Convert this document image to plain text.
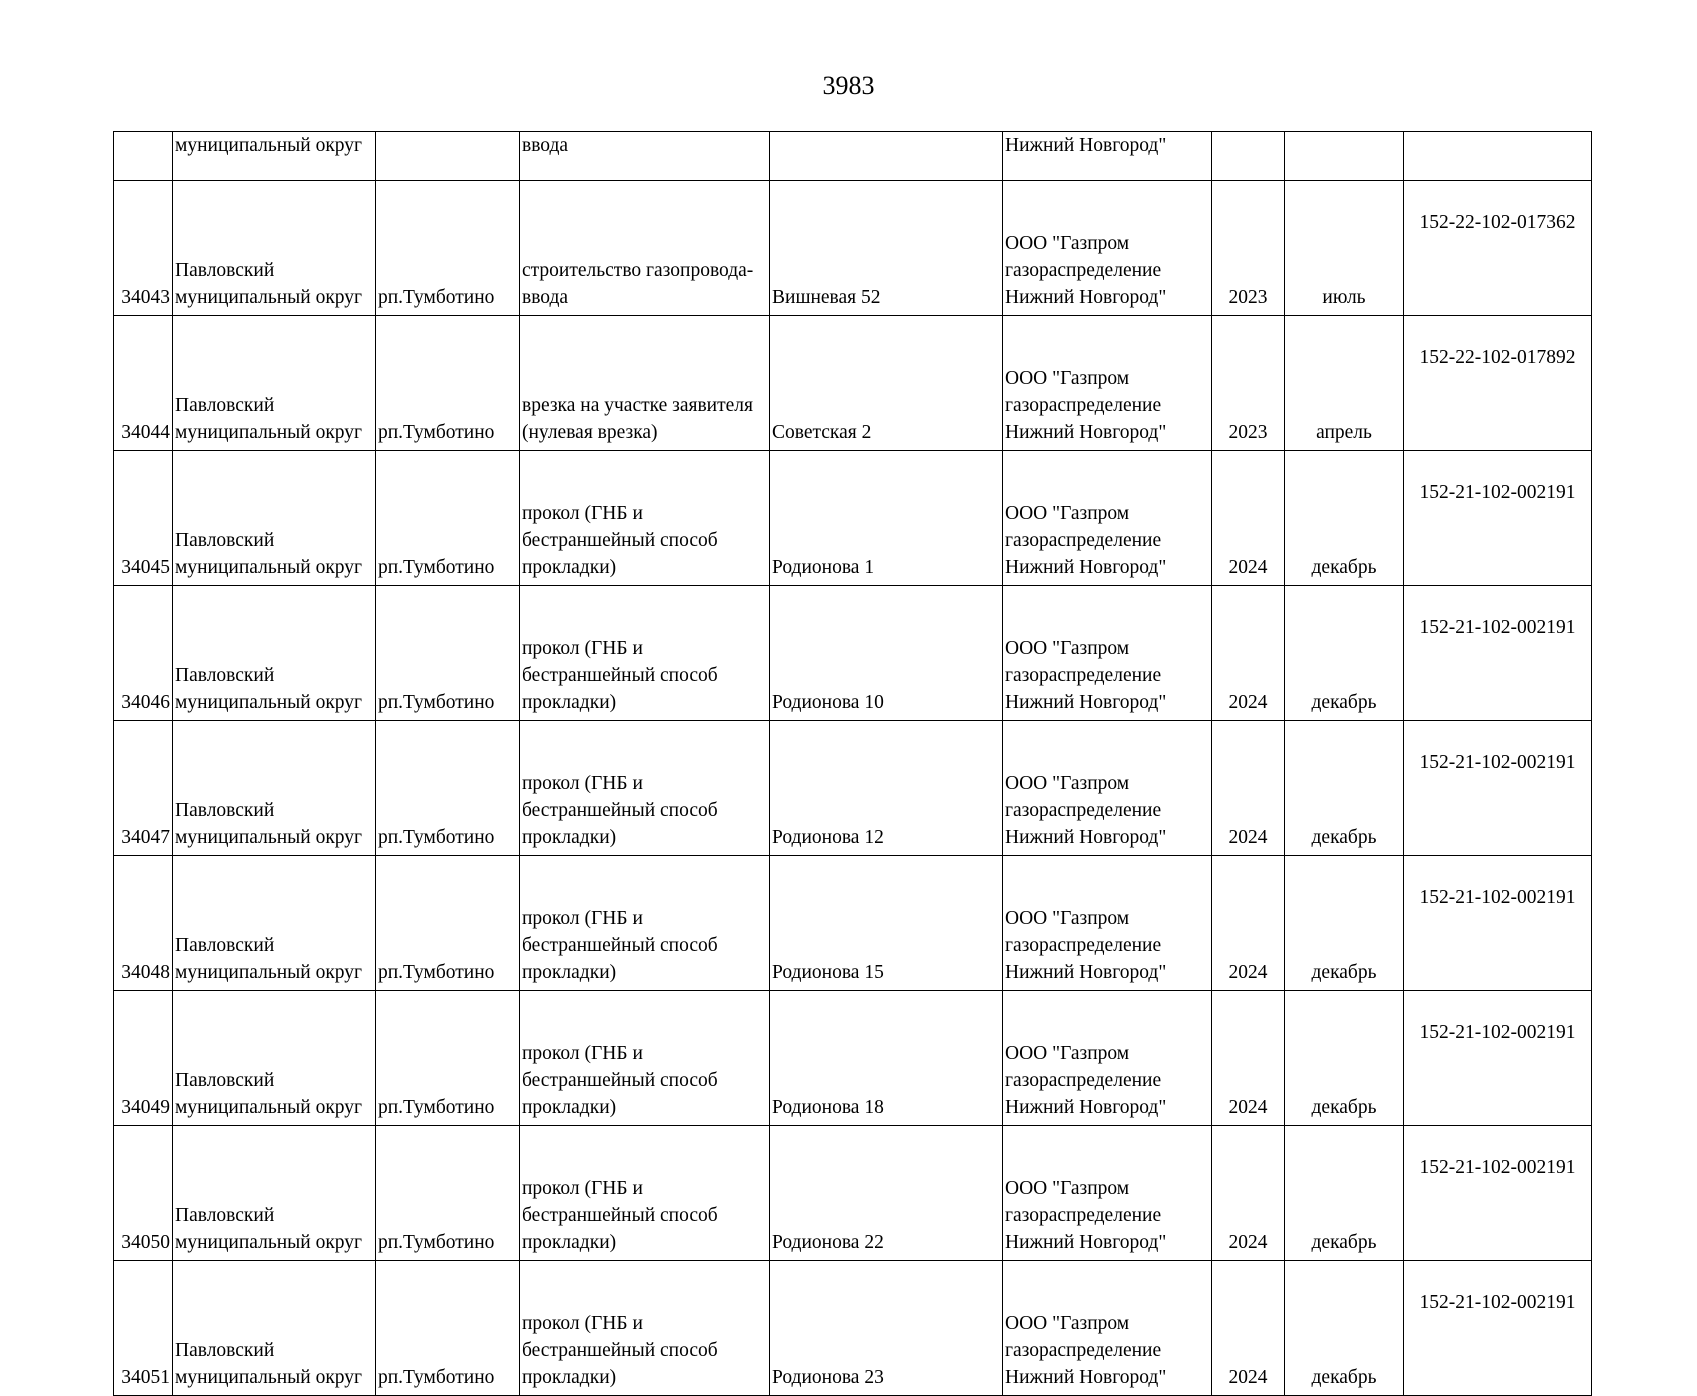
3983
	муниципальный округ		ввода		Нижний Новгород"			
34043	Павловский
муниципальный округ	рп.Тумботино	строительство газопровода-
ввода	Вишневая 52	ООО "Газпром
газораспределение
Нижний Новгород"	2023	июль	152-22-102-017362
34044	Павловский
муниципальный округ	рп.Тумботино	врезка на участке заявителя
(нулевая врезка)	Советская 2	ООО "Газпром
газораспределение
Нижний Новгород"	2023	апрель	152-22-102-017892
34045	Павловский
муниципальный округ	рп.Тумботино	прокол (ГНБ и
бестраншейный способ
прокладки)	Родионова 1	ООО "Газпром
газораспределение
Нижний Новгород"	2024	декабрь	152-21-102-002191
34046	Павловский
муниципальный округ	рп.Тумботино	прокол (ГНБ и
бестраншейный способ
прокладки)	Родионова 10	ООО "Газпром
газораспределение
Нижний Новгород"	2024	декабрь	152-21-102-002191
34047	Павловский
муниципальный округ	рп.Тумботино	прокол (ГНБ и
бестраншейный способ
прокладки)	Родионова 12	ООО "Газпром
газораспределение
Нижний Новгород"	2024	декабрь	152-21-102-002191
34048	Павловский
муниципальный округ	рп.Тумботино	прокол (ГНБ и
бестраншейный способ
прокладки)	Родионова 15	ООО "Газпром
газораспределение
Нижний Новгород"	2024	декабрь	152-21-102-002191
34049	Павловский
муниципальный округ	рп.Тумботино	прокол (ГНБ и
бестраншейный способ
прокладки)	Родионова 18	ООО "Газпром
газораспределение
Нижний Новгород"	2024	декабрь	152-21-102-002191
34050	Павловский
муниципальный округ	рп.Тумботино	прокол (ГНБ и
бестраншейный способ
прокладки)	Родионова 22	ООО "Газпром
газораспределение
Нижний Новгород"	2024	декабрь	152-21-102-002191
34051	Павловский
муниципальный округ	рп.Тумботино	прокол (ГНБ и
бестраншейный способ
прокладки)	Родионова 23	ООО "Газпром
газораспределение
Нижний Новгород"	2024	декабрь	152-21-102-002191
